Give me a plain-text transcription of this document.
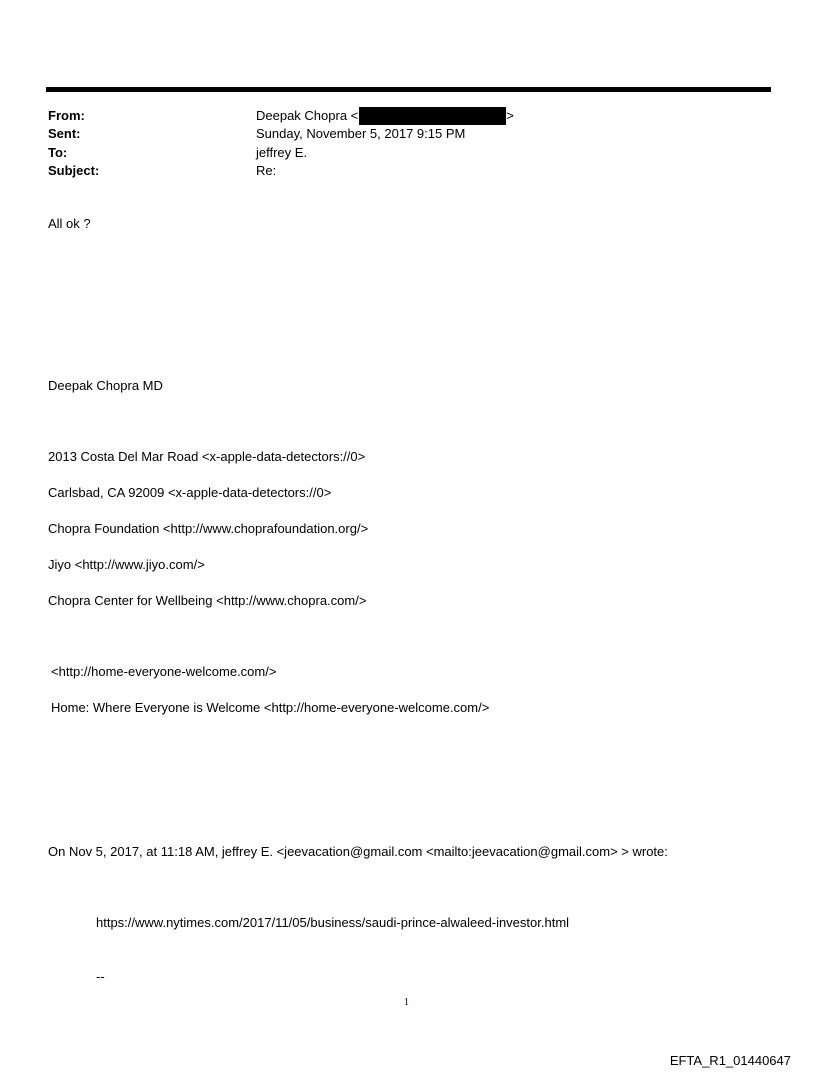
From:	Deepak Chopra <	>
Sent:	Sunday, November 5, 2017 9:15 PM
To:	jeffrey E.
Subject:	Re:
All ok ?
Deepak Chopra MD
2013 Costa Del Mar Road <x-apple-data-detectors://0>
Carlsbad, CA 92009 <x-apple-data-detectors://0>
Chopra Foundation <http://www.choprafoundation.org/>
Jiyo <http://www.jiyo.com/>
Chopra Center for Wellbeing <http://www.chopra.com/>
<http://home-everyone-welcome.com/>
Home: Where Everyone is Welcome <http://home-everyone-welcome.com/>
On Nov 5, 2017, at 11:18 AM, jeffrey E. <jeevacation@gmail.com <mailto:jeevacation@gmail.com> > wrote:
https://www.nytimes.com/2017/11/05/business/saudi-prince-alwaleed-investor.html
--
1
EFTA_R1_01440647
